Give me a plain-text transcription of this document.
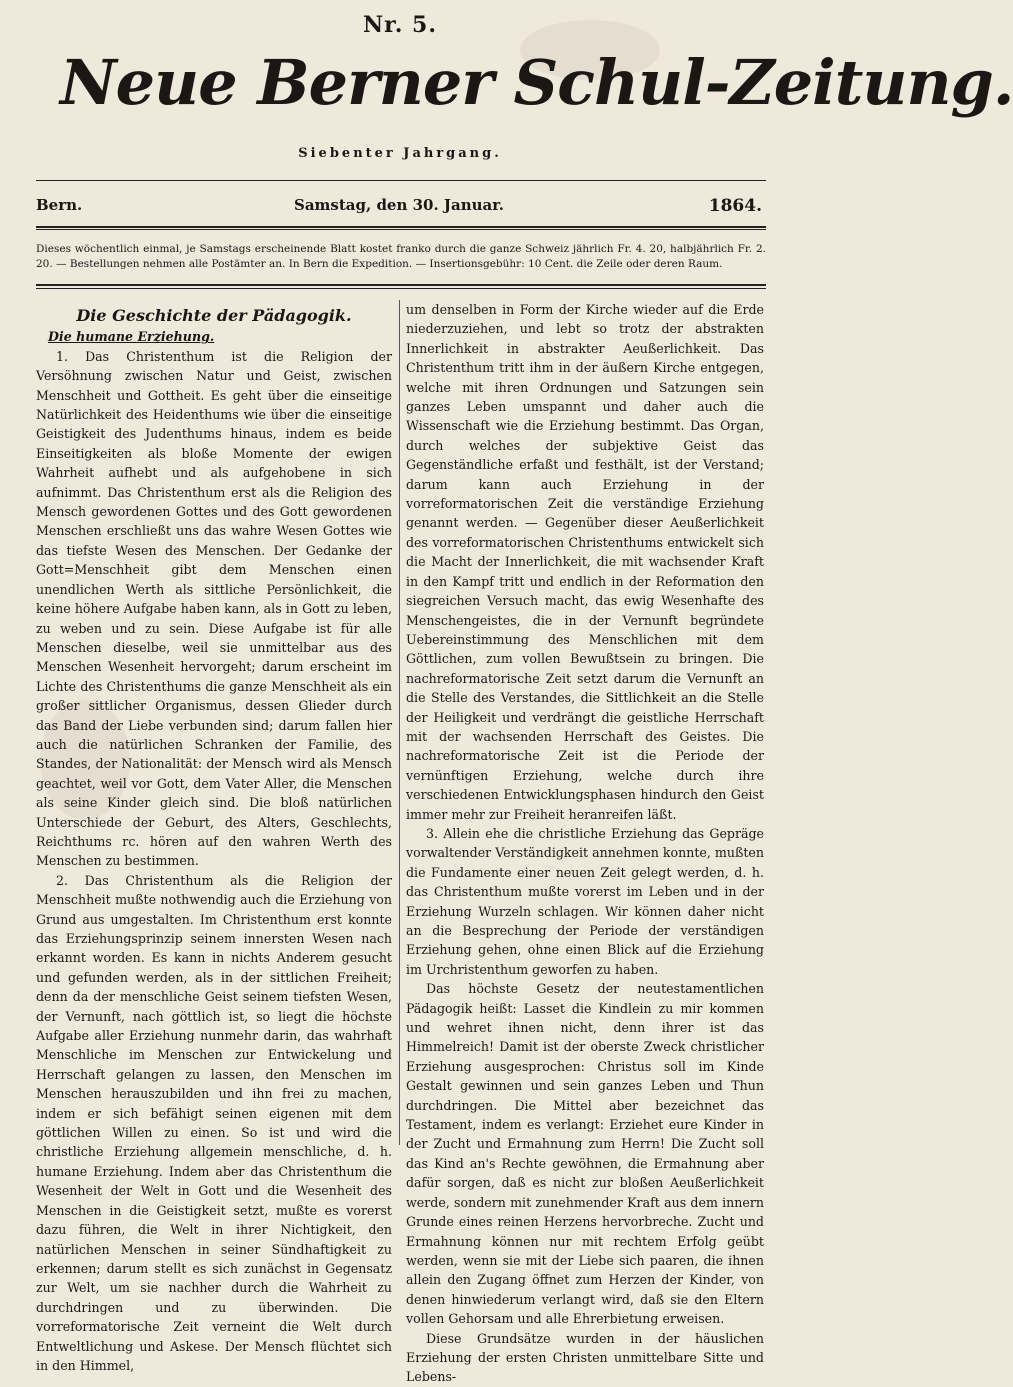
Nr. 5.
Neue Berner Schul-Zeitung.
Siebenter Jahrgang.
Bern.	Samstag, den 30. Januar.	1864.
Dieses wöchentlich einmal, je Samstags erscheinende Blatt kostet franko durch die ganze Schweiz jährlich Fr. 4. 20, halbjährlich Fr. 2. 20. — Bestellungen nehmen alle Postämter an. In Bern die Expedition. — Insertionsgebühr: 10 Cent. die Zeile oder deren Raum.
Die Geschichte der Pädagogik.
Die humane Erziehung.

1. Das Christenthum ist die Religion der Versöhnung zwischen Natur und Geist, zwischen Menschheit und Gottheit. Es geht über die einseitige Natürlichkeit des Heidenthums wie über die einseitige Geistigkeit des Judenthums hinaus, indem es beide Einseitigkeiten als bloße Momente der ewigen Wahrheit aufhebt und als aufgehobene in sich aufnimmt. Das Christenthum erst als die Religion des Mensch gewordenen Gottes und des Gott gewordenen Menschen erschließt uns das wahre Wesen Gottes wie das tiefste Wesen des Menschen. Der Gedanke der Gott=Menschheit gibt dem Menschen einen unendlichen Werth als sittliche Persönlichkeit, die keine höhere Aufgabe haben kann, als in Gott zu leben, zu weben und zu sein. Diese Aufgabe ist für alle Menschen dieselbe, weil sie unmittelbar aus des Menschen Wesenheit hervorgeht; darum erscheint im Lichte des Christenthums die ganze Menschheit als ein großer sittlicher Organismus, dessen Glieder durch das Band der Liebe verbunden sind; darum fallen hier auch die natürlichen Schranken der Familie, des Standes, der Nationalität: der Mensch wird als Mensch geachtet, weil vor Gott, dem Vater Aller, die Menschen als seine Kinder gleich sind. Die bloß natürlichen Unterschiede der Geburt, des Alters, Geschlechts, Reichthums rc. hören auf den wahren Werth des Menschen zu bestimmen.

2. Das Christenthum als die Religion der Menschheit mußte nothwendig auch die Erziehung von Grund aus umgestalten. Im Christenthum erst konnte das Erziehungsprinzip seinem innersten Wesen nach erkannt worden. Es kann in nichts Anderem gesucht und gefunden werden, als in der sittlichen Freiheit; denn da der menschliche Geist seinem tiefsten Wesen, der Vernunft, nach göttlich ist, so liegt die höchste Aufgabe aller Erziehung nunmehr darin, das wahrhaft Menschliche im Menschen zur Entwickelung und Herrschaft gelangen zu lassen, den Menschen im Menschen herauszubilden und ihn frei zu machen, indem er sich befähigt seinen eigenen mit dem göttlichen Willen zu einen. So ist und wird die christliche Erziehung allgemein menschliche, d. h. humane Erziehung. Indem aber das Christenthum die Wesenheit der Welt in Gott und die Wesenheit des Menschen in die Geistigkeit setzt, mußte es vorerst dazu führen, die Welt in ihrer Nichtigkeit, den natürlichen Menschen in seiner Sündhaftigkeit zu erkennen; darum stellt es sich zunächst in Gegensatz zur Welt, um sie nachher durch die Wahrheit zu durchdringen und zu überwinden. Die vorreformatorische Zeit verneint die Welt durch Entweltlichung und Askese. Der Mensch flüchtet sich in den Himmel,

um denselben in Form der Kirche wieder auf die Erde niederzuziehen, und lebt so trotz der abstrakten Innerlichkeit in abstrakter Aeußerlichkeit. Das Christenthum tritt ihm in der äußern Kirche entgegen, welche mit ihren Ordnungen und Satzungen sein ganzes Leben umspannt und daher auch die Wissenschaft wie die Erziehung bestimmt. Das Organ, durch welches der subjektive Geist das Gegenständliche erfaßt und festhält, ist der Verstand; darum kann auch Erziehung in der vorreformatorischen Zeit die verständige Erziehung genannt werden. — Gegenüber dieser Aeußerlichkeit des vorreformatorischen Christenthums entwickelt sich die Macht der Innerlichkeit, die mit wachsender Kraft in den Kampf tritt und endlich in der Reformation den siegreichen Versuch macht, das ewig Wesenhafte des Menschengeistes, die in der Vernunft begründete Uebereinstimmung des Menschlichen mit dem Göttlichen, zum vollen Bewußtsein zu bringen. Die nachreformatorische Zeit setzt darum die Vernunft an die Stelle des Verstandes, die Sittlichkeit an die Stelle der Heiligkeit und verdrängt die geistliche Herrschaft mit der wachsenden Herrschaft des Geistes. Die nachreformatorische Zeit ist die Periode der vernünftigen Erziehung, welche durch ihre verschiedenen Entwicklungsphasen hindurch den Geist immer mehr zur Freiheit heranreifen läßt.

3. Allein ehe die christliche Erziehung das Gepräge vorwaltender Verständigkeit annehmen konnte, mußten die Fundamente einer neuen Zeit gelegt werden, d. h. das Christenthum mußte vorerst im Leben und in der Erziehung Wurzeln schlagen. Wir können daher nicht an die Besprechung der Periode der verständigen Erziehung gehen, ohne einen Blick auf die Erziehung im Urchristenthum geworfen zu haben.

Das höchste Gesetz der neutestamentlichen Pädagogik heißt: Lasset die Kindlein zu mir kommen und wehret ihnen nicht, denn ihrer ist das Himmelreich! Damit ist der oberste Zweck christlicher Erziehung ausgesprochen: Christus soll im Kinde Gestalt gewinnen und sein ganzes Leben und Thun durchdringen. Die Mittel aber bezeichnet das Testament, indem es verlangt: Erziehet eure Kinder in der Zucht und Ermahnung zum Herrn! Die Zucht soll das Kind an's Rechte gewöhnen, die Ermahnung aber dafür sorgen, daß es nicht zur bloßen Aeußerlichkeit werde, sondern mit zunehmender Kraft aus dem innern Grunde eines reinen Herzens hervorbreche. Zucht und Ermahnung können nur mit rechtem Erfolg geübt werden, wenn sie mit der Liebe sich paaren, die ihnen allein den Zugang öffnet zum Herzen der Kinder, von denen hinwiederum verlangt wird, daß sie den Eltern vollen Gehorsam und alle Ehrerbietung erweisen.

Diese Grundsätze wurden in der häuslichen Erziehung der ersten Christen unmittelbare Sitte und Lebens-
